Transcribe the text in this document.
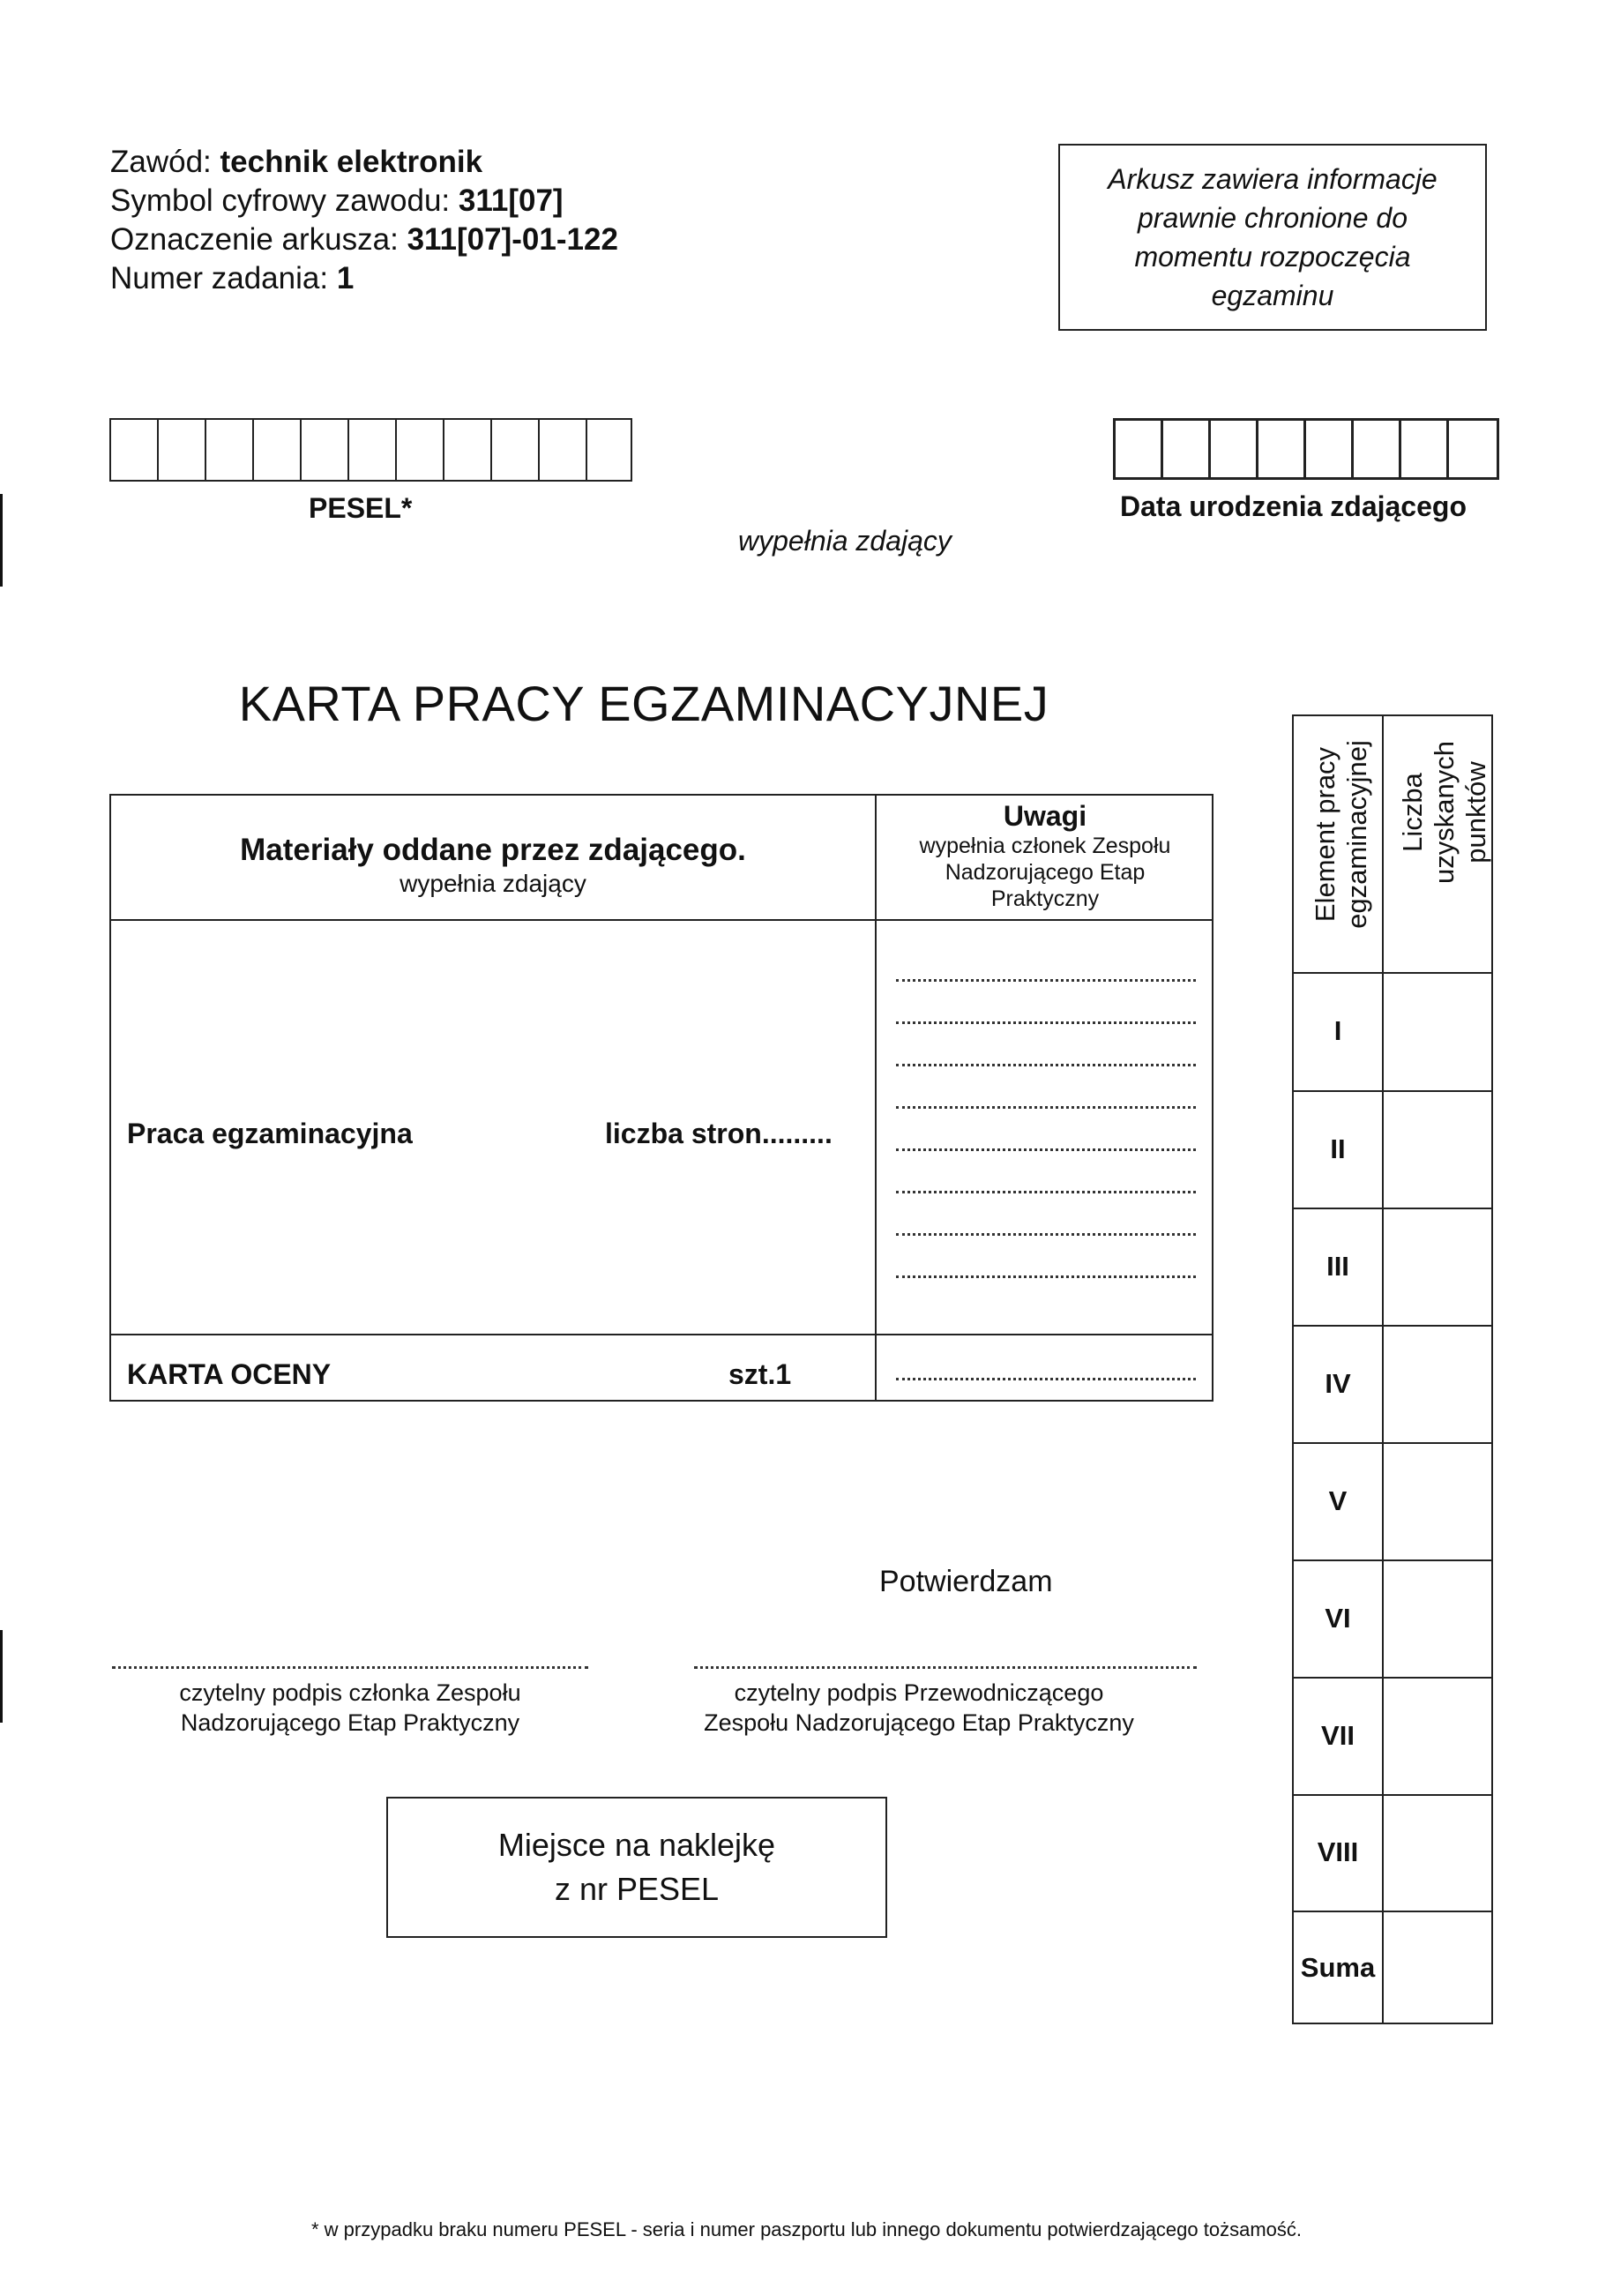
Zawód: technik elektronik
Symbol cyfrowy zawodu: 311[07]
Oznaczenie arkusza: 311[07]-01-122
Numer zadania: 1
Arkusz zawiera informacje
prawnie chronione do
momentu rozpoczęcia
egzaminu
PESEL*
wypełnia zdający
Data urodzenia zdającego
KARTA PRACY EGZAMINACYJNEJ
Materiały oddane przez zdającego.
wypełnia zdający
Uwagi
wypełnia członek Zespołu
Nadzorującego Etap
Praktyczny
Praca egzaminacyjna	liczba stron.........
KARTA OCENY	szt.1
Element pracy egzaminacyjnej Liczba uzyskanych punktów
I
II
III
IV
V
VI
VII
VIII
Suma
Potwierdzam
czytelny podpis członka Zespołu
Nadzorującego Etap Praktyczny
czytelny podpis Przewodniczącego
Zespołu Nadzorującego Etap Praktyczny
Miejsce na naklejkę
z nr PESEL
* w przypadku braku numeru PESEL - seria i numer paszportu lub innego dokumentu potwierdzającego tożsamość.
